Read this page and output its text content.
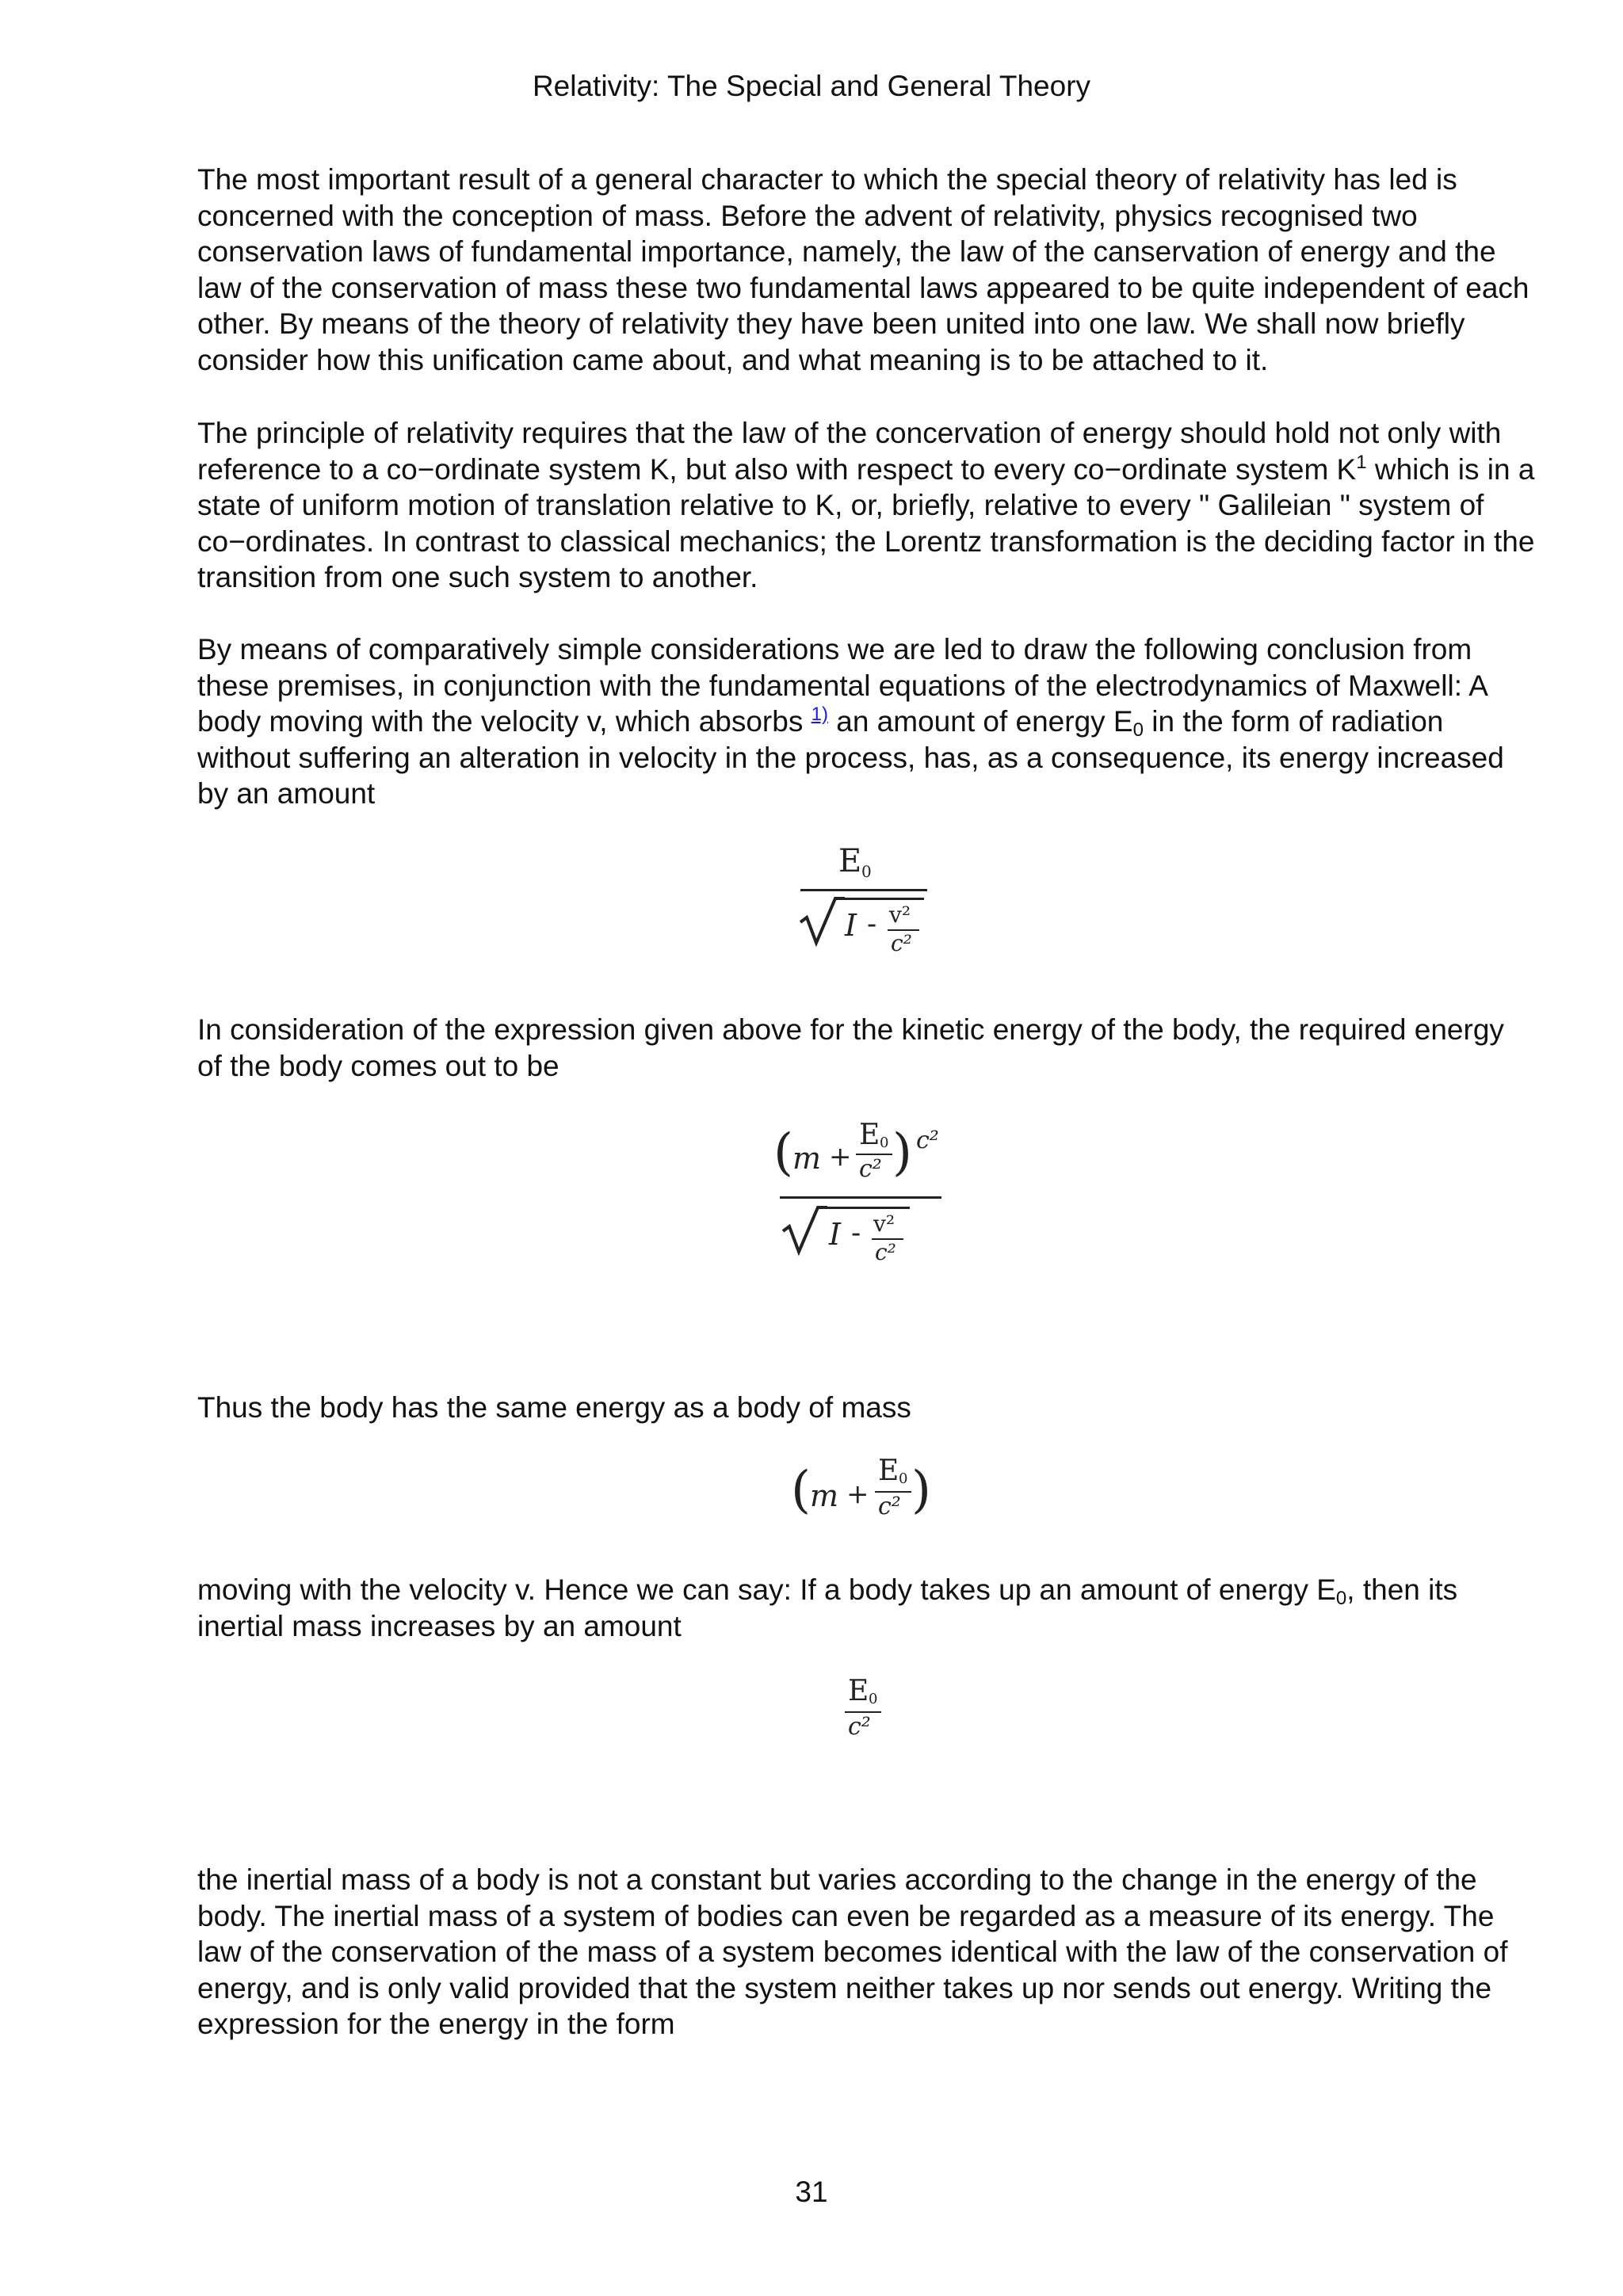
Relativity: The Special and General Theory

The most important result of a general character to which the special theory of relativity has led is concerned with the conception of mass. Before the advent of relativity, physics recognised two conservation laws of fundamental importance, namely, the law of the canservation of energy and the law of the conservation of mass these two fundamental laws appeared to be quite independent of each other. By means of the theory of relativity they have been united into one law. We shall now briefly consider how this unification came about, and what meaning is to be attached to it.

The principle of relativity requires that the law of the concervation of energy should hold not only with reference to a co−ordinate system K, but also with respect to every co−ordinate system $K^1$ which is in a state of uniform motion of translation relative to K, or, briefly, relative to every " Galileian " system of co−ordinates. In contrast to classical mechanics; the Lorentz transformation is the deciding factor in the transition from one such system to another.

By means of comparatively simple considerations we are led to draw the following conclusion from these premises, in conjunction with the fundamental equations of the electrodynamics of Maxwell: A body moving with the velocity v, which absorbs $^{1)}$ an amount of energy $E_0$ in the form of radiation without suffering an alteration in velocity in the process, has, as a consequence, its energy increased by an amount

E 0
I - v²
c²

In consideration of the expression given above for the kinetic energy of the body, the required energy of the body comes out to be

( m +
E 0
c² ) c²
I - v²
c²

Thus the body has the same energy as a body of mass

( m +
E 0
c² )

moving with the velocity v. Hence we can say: If a body takes up an amount of energy $E_0$, then its inertial mass increases by an amount

E 0
c²

the inertial mass of a body is not a constant but varies according to the change in the energy of the body. The inertial mass of a system of bodies can even be regarded as a measure of its energy. The law of the conservation of the mass of a system becomes identical with the law of the conservation of energy, and is only valid provided that the system neither takes up nor sends out energy. Writing the expression for the energy in the form

31
